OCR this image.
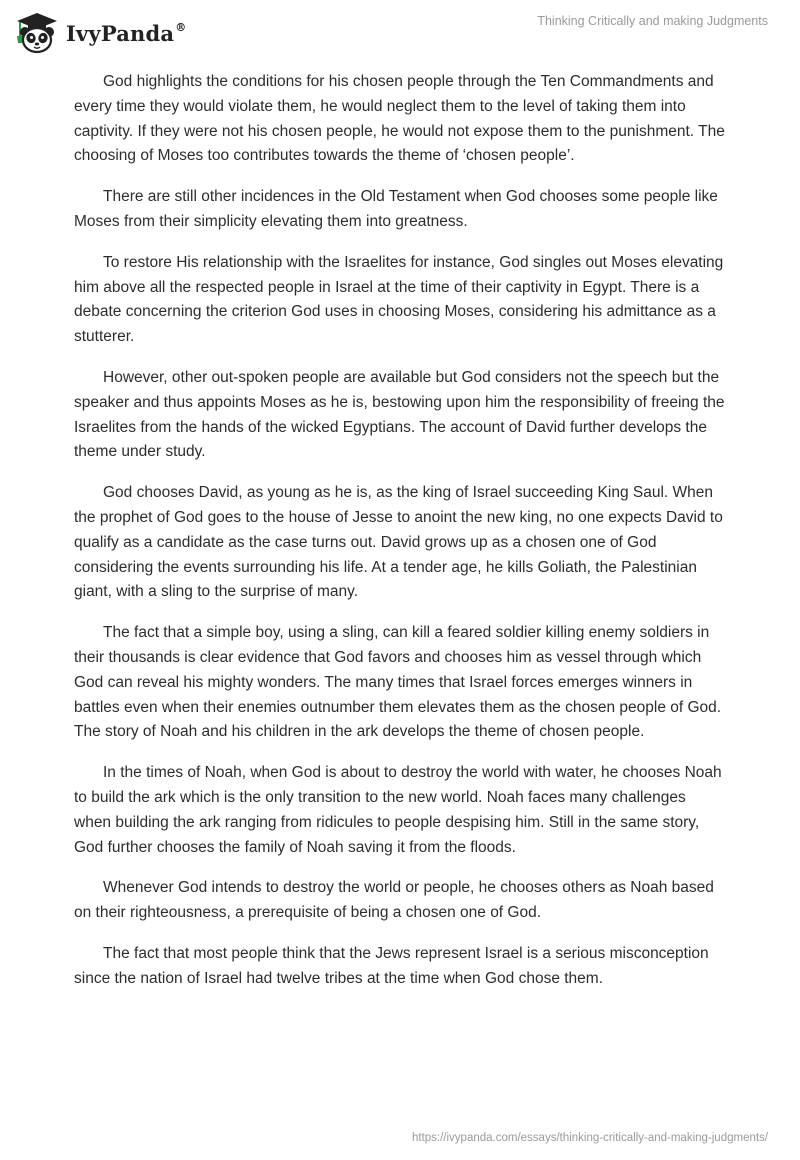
IvyPanda®	Thinking Critically and making Judgments

God highlights the conditions for his chosen people through the Ten Commandments and every time they would violate them, he would neglect them to the level of taking them into captivity. If they were not his chosen people, he would not expose them to the punishment. The choosing of Moses too contributes towards the theme of ‘chosen people’.

There are still other incidences in the Old Testament when God chooses some people like Moses from their simplicity elevating them into greatness.

To restore His relationship with the Israelites for instance, God singles out Moses elevating him above all the respected people in Israel at the time of their captivity in Egypt. There is a debate concerning the criterion God uses in choosing Moses, considering his admittance as a stutterer.

However, other out-spoken people are available but God considers not the speech but the speaker and thus appoints Moses as he is, bestowing upon him the responsibility of freeing the Israelites from the hands of the wicked Egyptians. The account of David further develops the theme under study.

God chooses David, as young as he is, as the king of Israel succeeding King Saul. When the prophet of God goes to the house of Jesse to anoint the new king, no one expects David to qualify as a candidate as the case turns out. David grows up as a chosen one of God considering the events surrounding his life. At a tender age, he kills Goliath, the Palestinian giant, with a sling to the surprise of many.

The fact that a simple boy, using a sling, can kill a feared soldier killing enemy soldiers in their thousands is clear evidence that God favors and chooses him as vessel through which God can reveal his mighty wonders. The many times that Israel forces emerges winners in battles even when their enemies outnumber them elevates them as the chosen people of God. The story of Noah and his children in the ark develops the theme of chosen people.

In the times of Noah, when God is about to destroy the world with water, he chooses Noah to build the ark which is the only transition to the new world. Noah faces many challenges when building the ark ranging from ridicules to people despising him. Still in the same story, God further chooses the family of Noah saving it from the floods.

Whenever God intends to destroy the world or people, he chooses others as Noah based on their righteousness, a prerequisite of being a chosen one of God.

The fact that most people think that the Jews represent Israel is a serious misconception since the nation of Israel had twelve tribes at the time when God chose them.

https://ivypanda.com/essays/thinking-critically-and-making-judgments/
